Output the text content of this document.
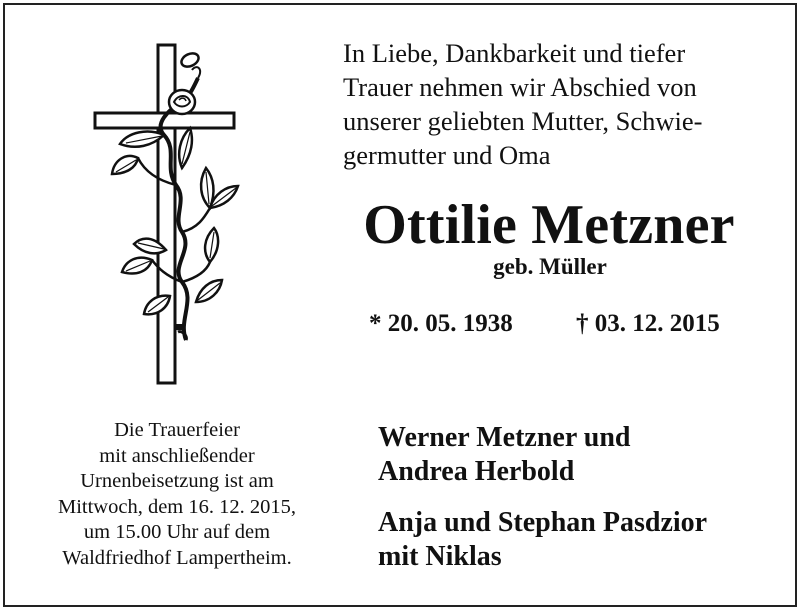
In Liebe, Dankbarkeit und tiefer
Trauer nehmen wir Abschied von
unserer geliebten Mutter, Schwie-
germutter und Oma
Ottilie Metzner
geb. Müller
* 20. 05. 1938	† 03. 12. 2015
Die Trauerfeier
mit anschließender
Urnenbeisetzung ist am
Mittwoch, dem 16. 12. 2015,
um 15.00 Uhr auf dem
Waldfriedhof Lampertheim.
Werner Metzner und
Andrea Herbold
Anja und Stephan Pasdzior
mit Niklas
